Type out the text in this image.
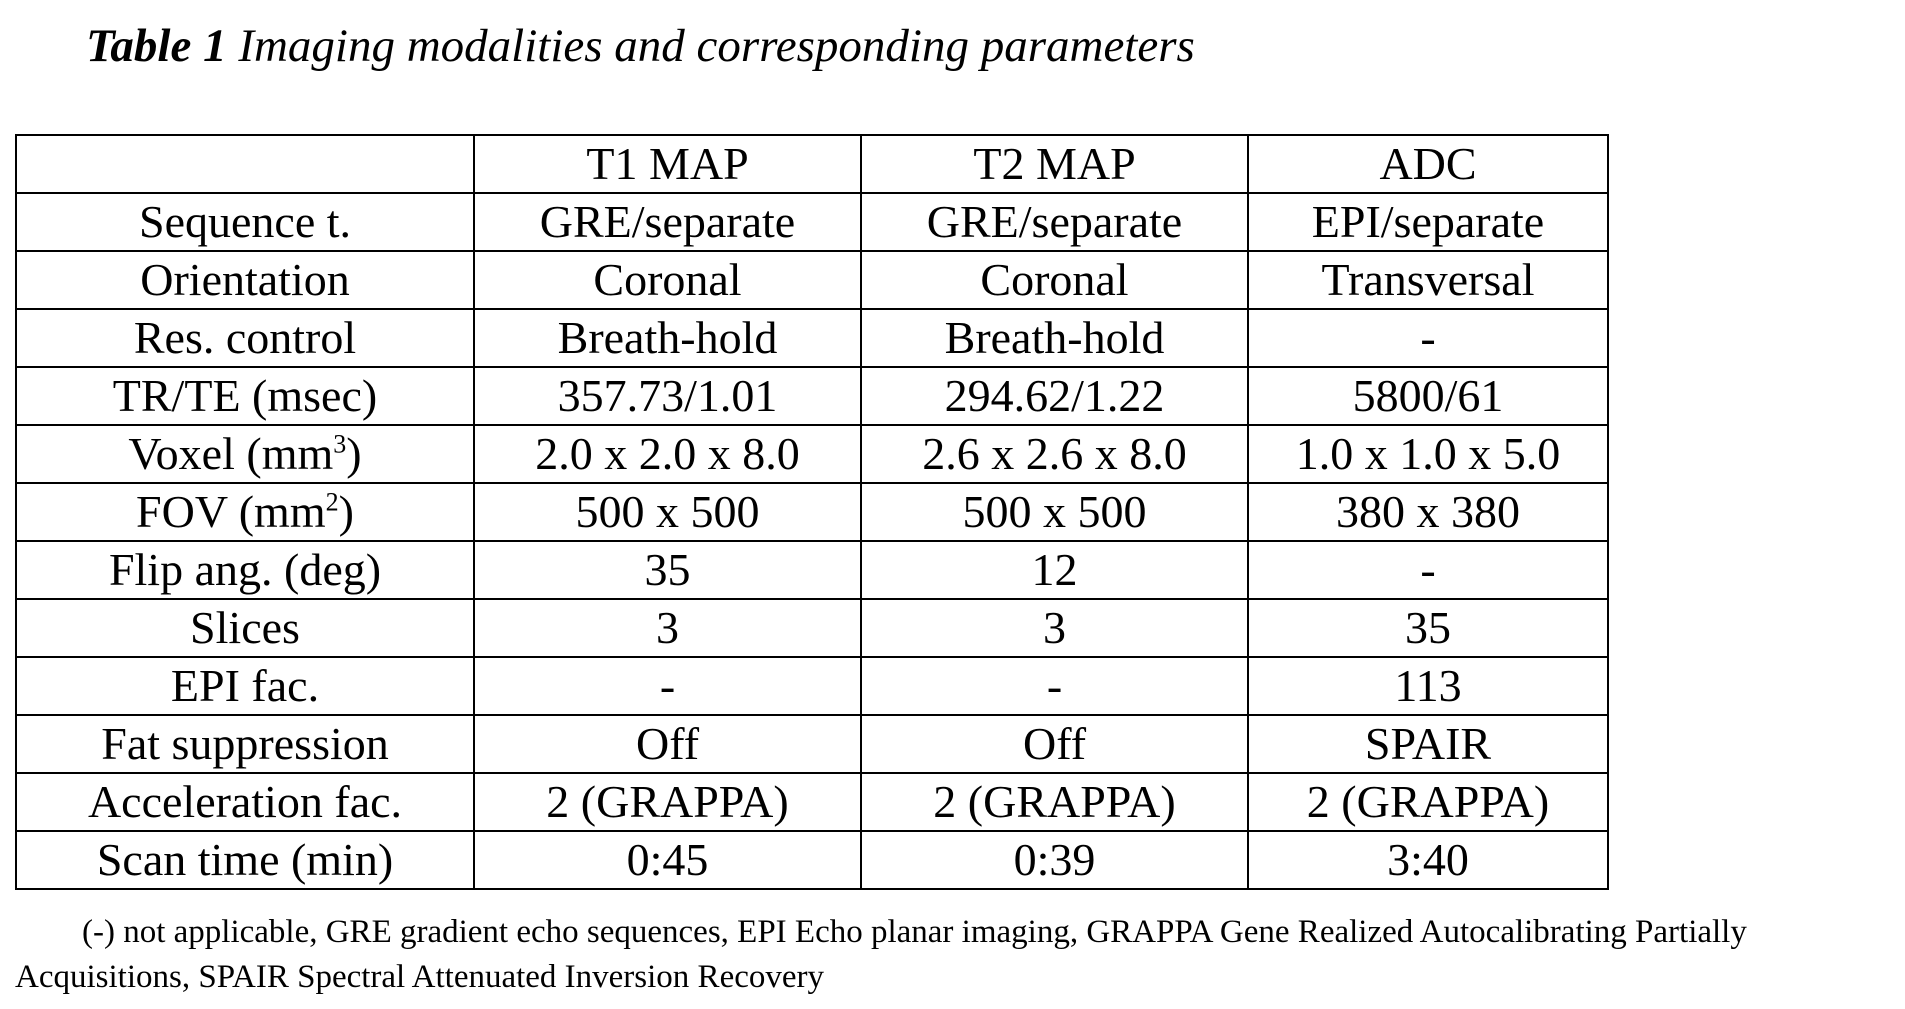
Table 1 Imaging modalities and corresponding parameters
	T1 MAP	T2 MAP	ADC
Sequence t.	GRE/separate	GRE/separate	EPI/separate
Orientation	Coronal	Coronal	Transversal
Res. control	Breath-hold	Breath-hold	-
TR/TE (msec)	357.73/1.01	294.62/1.22	5800/61
Voxel $(mm^3)$	2.0 x 2.0 x 8.0	2.6 x 2.6 x 8.0	1.0 x 1.0 x 5.0
FOV $(mm^2)$	500 x 500	500 x 500	380 x 380
Flip ang. (deg)	35	12	-
Slices	3	3	35
EPI fac.	-	-	113
Fat suppression	Off	Off	SPAIR
Acceleration fac.	2 (GRAPPA)	2 (GRAPPA)	2 (GRAPPA)
Scan time (min)	0:45	0:39	3:40
(-) not applicable, GRE gradient echo sequences, EPI Echo planar imaging, GRAPPA Gene Realized Autocalibrating Partially Acquisitions, SPAIR Spectral Attenuated Inversion Recovery
